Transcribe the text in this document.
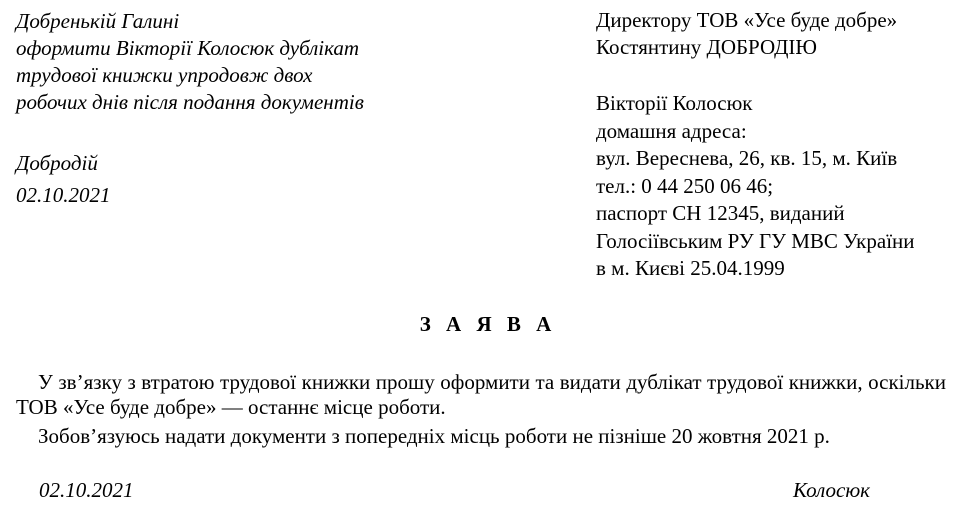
Добренькій Галині
оформити Вікторії Колосюк дублікат
трудової книжки упродовж двох
робочих днів після подання документів
Добродій
02.10.2021
Директору ТОВ «Усе буде добре»
Костянтину ДОБРОДІЮ
Вікторії Колосюк
домашня адреса:
вул. Вереснева, 26, кв. 15, м. Київ
тел.: 0 44 250 06 46;
паспорт СН 12345, виданий
Голосіївським РУ ГУ МВС України
в м. Києві 25.04.1999
З А Я В А
У зв’язку з втратою трудової книжки прошу оформити та видати дублікат трудової книжки, оскільки ТОВ «Усе буде добре» — останнє місце роботи.
Зобов’язуюсь надати документи з попередніх місць роботи не пізніше 20 жовтня 2021 р.
02.10.2021	Колосюк
